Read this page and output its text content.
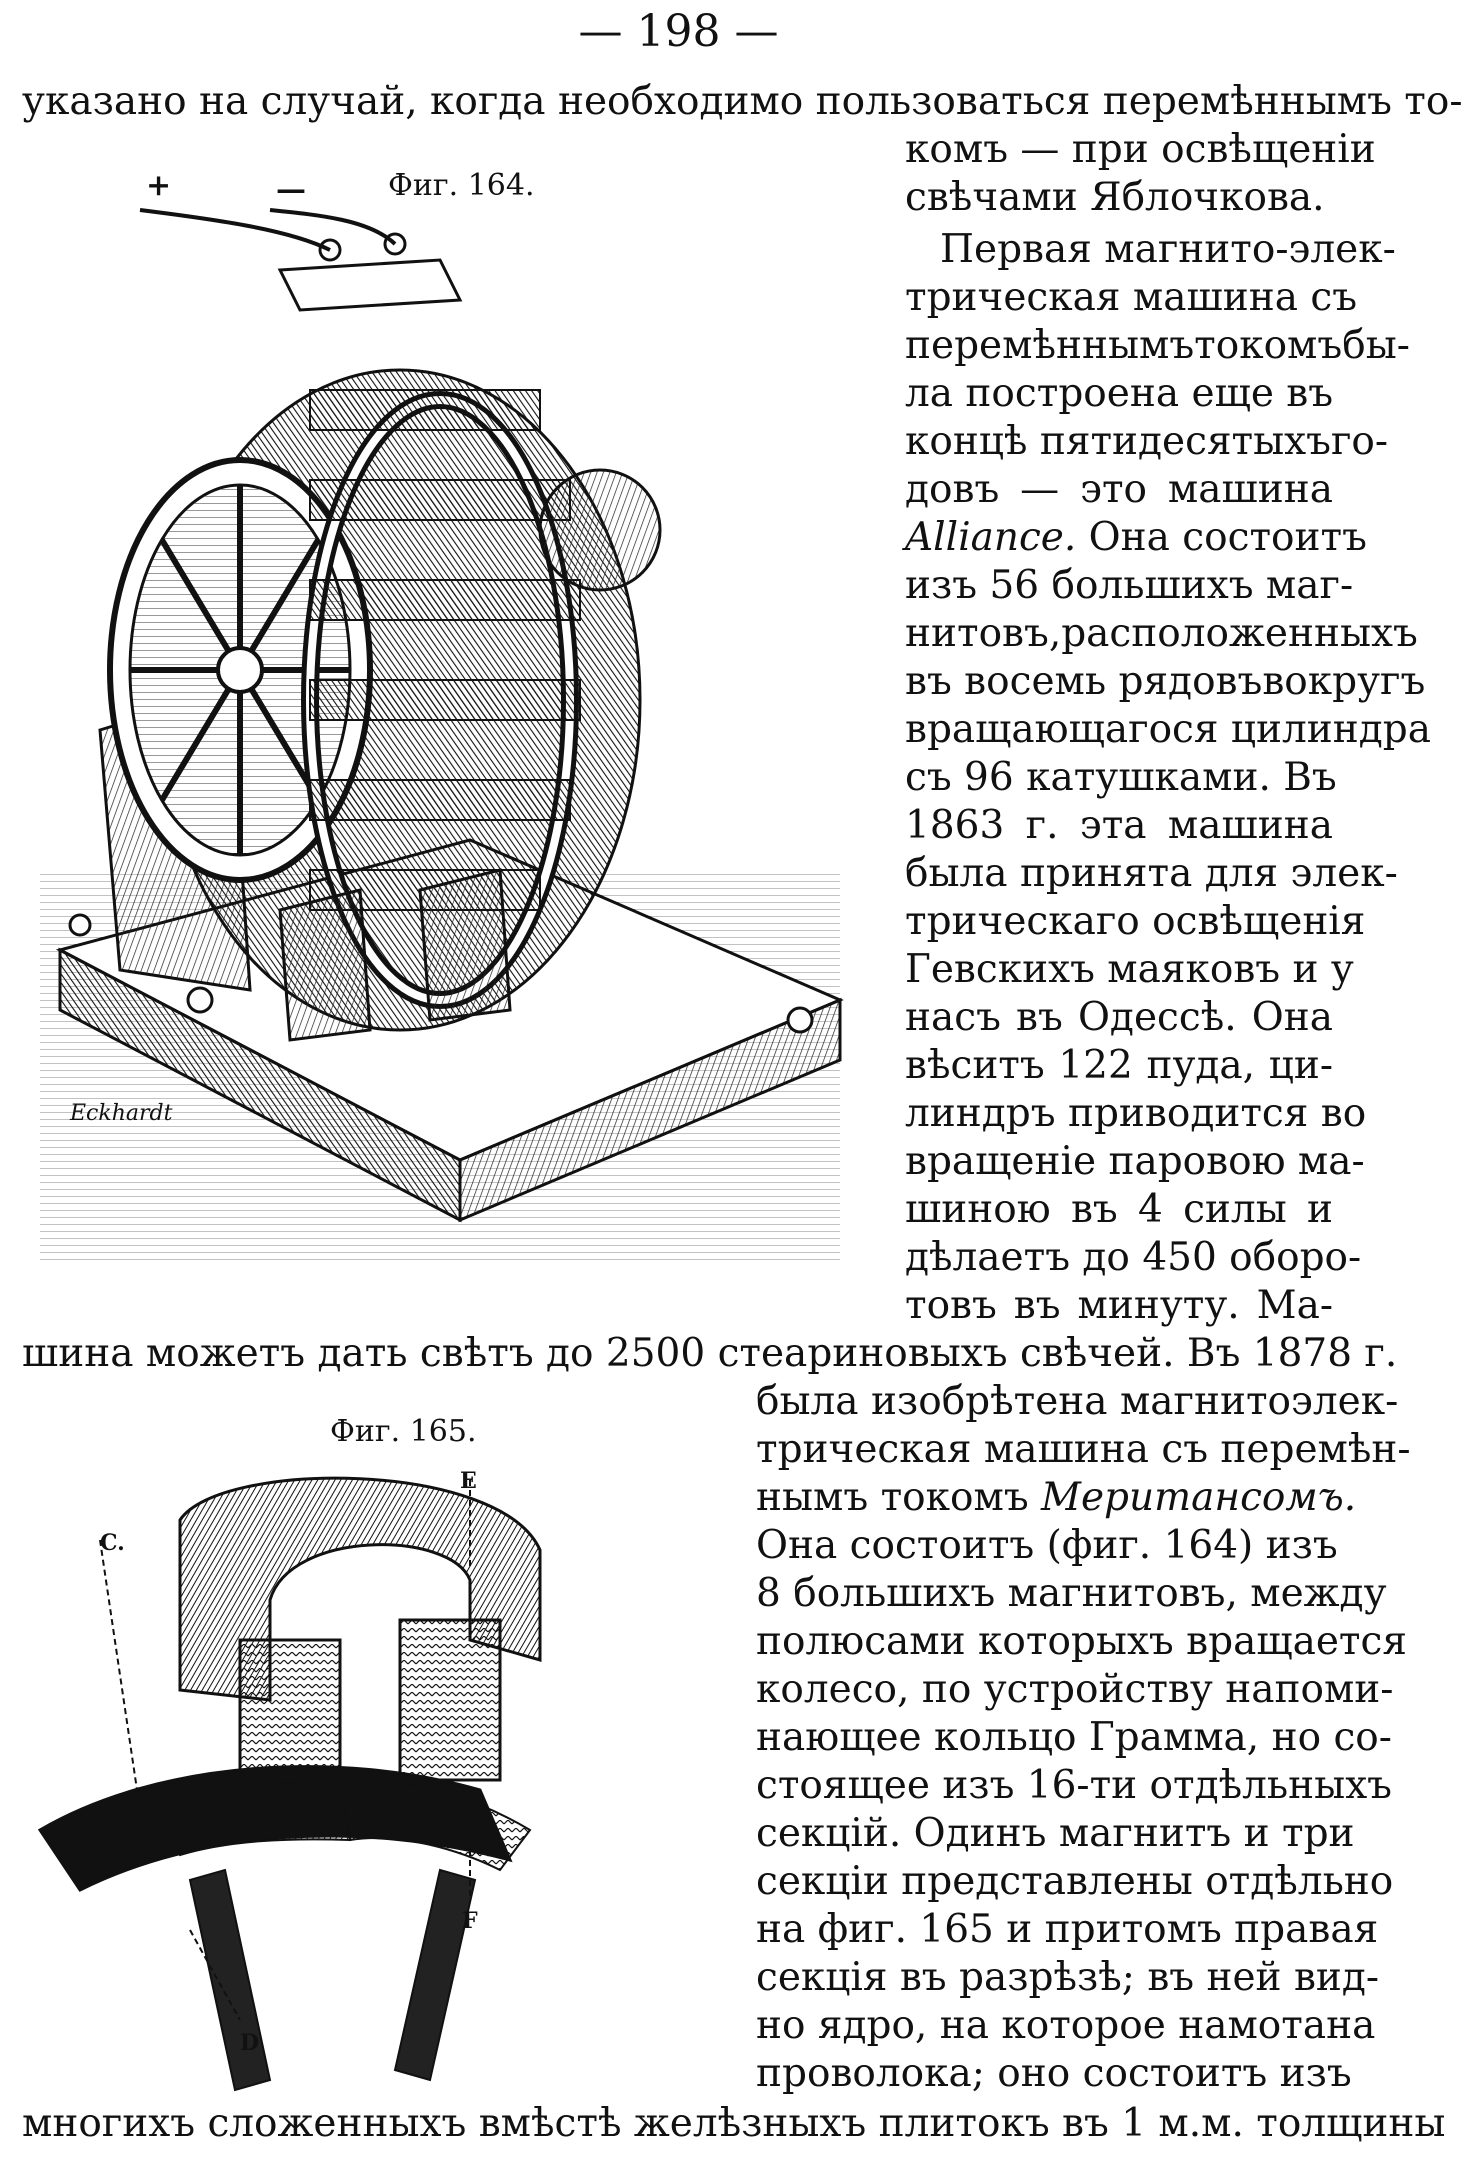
— 198 —
указано на случай, когда необходимо пользоваться перемѣннымъ то-
Фиг. 164.
комъ — при освѣщеніи
свѣчами Яблочкова.
Первая магнито-элек-
трическая машина съ
перемѣннымътокомъбы-
ла построена еще въ
концѣ пятидесятыхъго-
довъ — это машина
Alliance. Она состоитъ
изъ 56 большихъ маг-
нитовъ,расположенныхъ
въ восемь рядовъвокругъ
вращающагося цилиндра
съ 96 катушками. Въ
1863 г. эта машина
была принята для элек-
трическаго освѣщенія
Гевскихъ маяковъ и у
насъ въ Одессѣ. Она
вѣситъ 122 пуда, ци-
линдръ приводится во
вращеніе паровою ма-
шиною въ 4 силы и
дѣлаетъ до 450 оборо-
товъ въ минуту. Ма-
Eckhardt
+	—
шина можетъ дать свѣтъ до 2500 стеариновыхъ свѣчей. Въ 1878 г.
Фиг. 165.
была изобрѣтена магнитоэлек-
трическая машина съ перемѣн-
нымъ токомъ Меритансомъ.
Она состоитъ (фиг. 164) изъ
8 большихъ магнитовъ, между
полюсами которыхъ вращается
колесо, по устройству напоми-
нающее кольцо Грамма, но со-
стоящее изъ 16-ти отдѣльныхъ
секцій. Одинъ магнитъ и три
секціи представлены отдѣльно
на фиг. 165 и притомъ правая
секція въ разрѣзѣ; въ ней вид-
но ядро, на которое намотана
проволока; оно состоитъ изъ
E
C.
F
D
многихъ сложенныхъ вмѣстѣ желѣзныхъ плитокъ въ 1 м.м. толщины
